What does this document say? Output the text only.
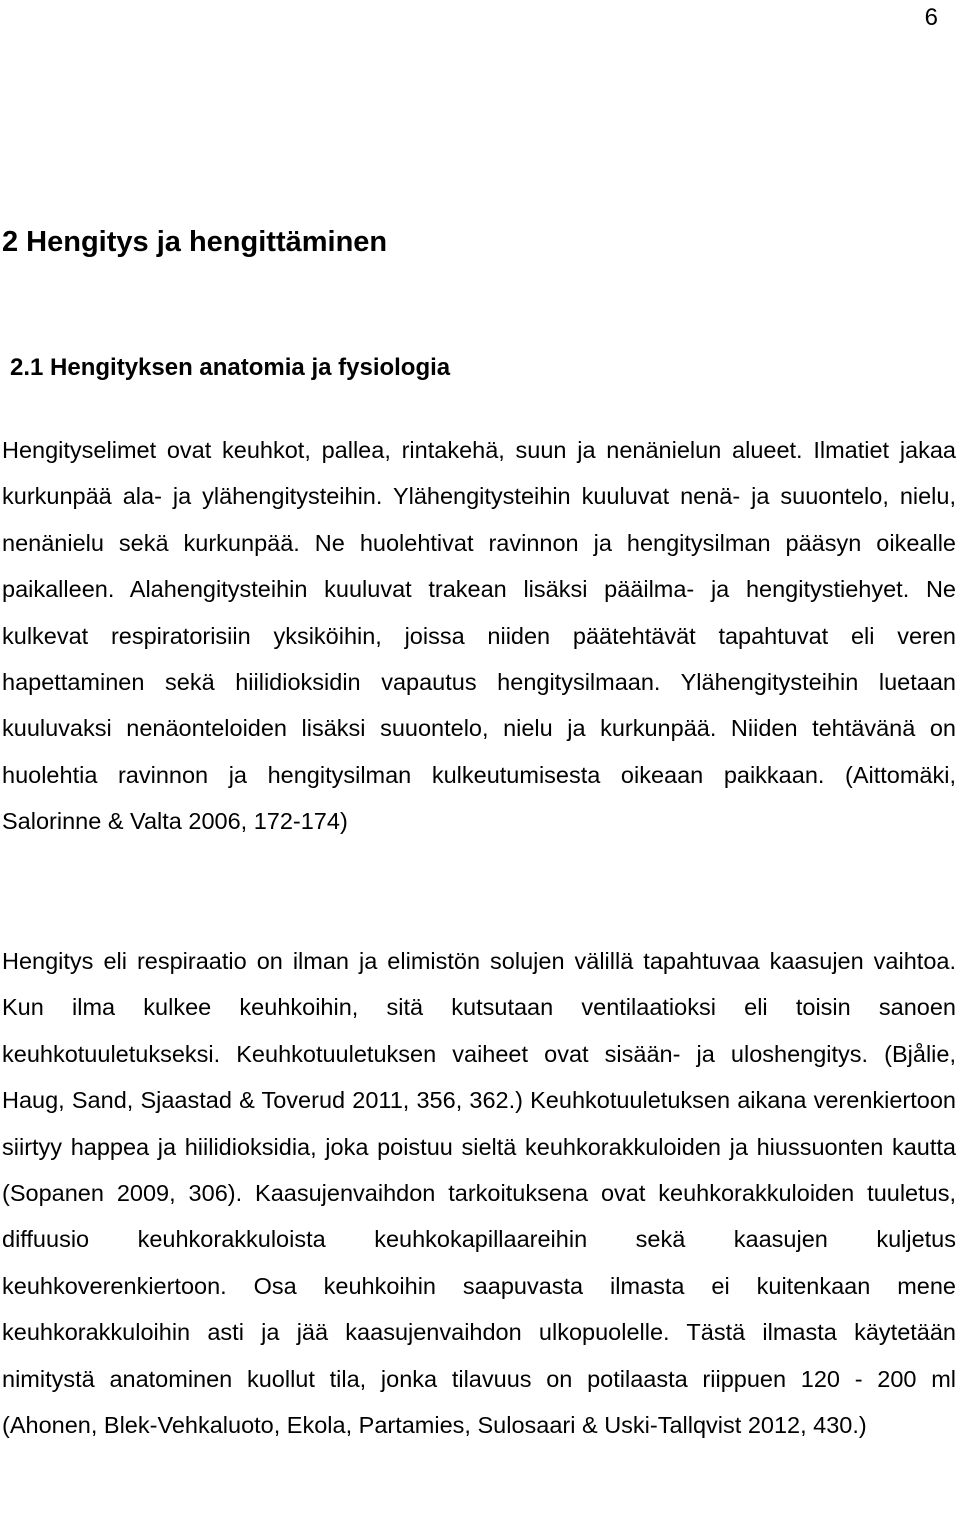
6
2 Hengitys ja hengittäminen
2.1 Hengityksen anatomia ja fysiologia

Hengityselimet ovat keuhkot, pallea, rintakehä, suun ja nenänielun alueet. Ilmatiet jakaa kurkunpää ala- ja ylähengitysteihin. Ylähengitysteihin kuuluvat nenä- ja suuontelo, nielu, nenänielu sekä kurkunpää. Ne huolehtivat ravinnon ja hengitysilman pääsyn oikealle paikalleen. Alahengitysteihin kuuluvat trakean lisäksi pääilma- ja hengitystiehyet. Ne kulkevat respiratorisiin yksiköihin, joissa niiden päätehtävät tapahtuvat eli veren hapettaminen sekä hiilidioksidin vapautus hengitysilmaan. Ylähengitysteihin luetaan kuuluvaksi nenäonteloiden lisäksi suuontelo, nielu ja kurkunpää. Niiden tehtävänä on huolehtia ravinnon ja hengitysilman kulkeutumisesta oikeaan paikkaan. (Aittomäki, Salorinne & Valta 2006, 172-174)

Hengitys eli respiraatio on ilman ja elimistön solujen välillä tapahtuvaa kaasujen vaihtoa. Kun ilma kulkee keuhkoihin, sitä kutsutaan ventilaatioksi eli toisin sanoen keuhkotuuletukseksi. Keuhkotuuletuksen vaiheet ovat sisään- ja uloshengitys. (Bjålie, Haug, Sand, Sjaastad & Toverud 2011, 356, 362.) Keuhkotuuletuksen aikana verenkiertoon siirtyy happea ja hiilidioksidia, joka poistuu sieltä keuhkorakkuloiden ja hiussuonten kautta (Sopanen 2009, 306). Kaasujenvaihdon tarkoituksena ovat keuhkorakkuloiden tuuletus, diffuusio keuhkorakkuloista keuhkokapillaareihin sekä kaasujen kuljetus keuhkoverenkiertoon. Osa keuhkoihin saapuvasta ilmasta ei kuitenkaan mene keuhkorakkuloihin asti ja jää kaasujenvaihdon ulkopuolelle. Tästä ilmasta käytetään nimitystä anatominen kuollut tila, jonka tilavuus on potilaasta riippuen 120 - 200 ml (Ahonen, Blek-Vehkaluoto, Ekola, Partamies, Sulosaari & Uski-Tallqvist 2012, 430.)
